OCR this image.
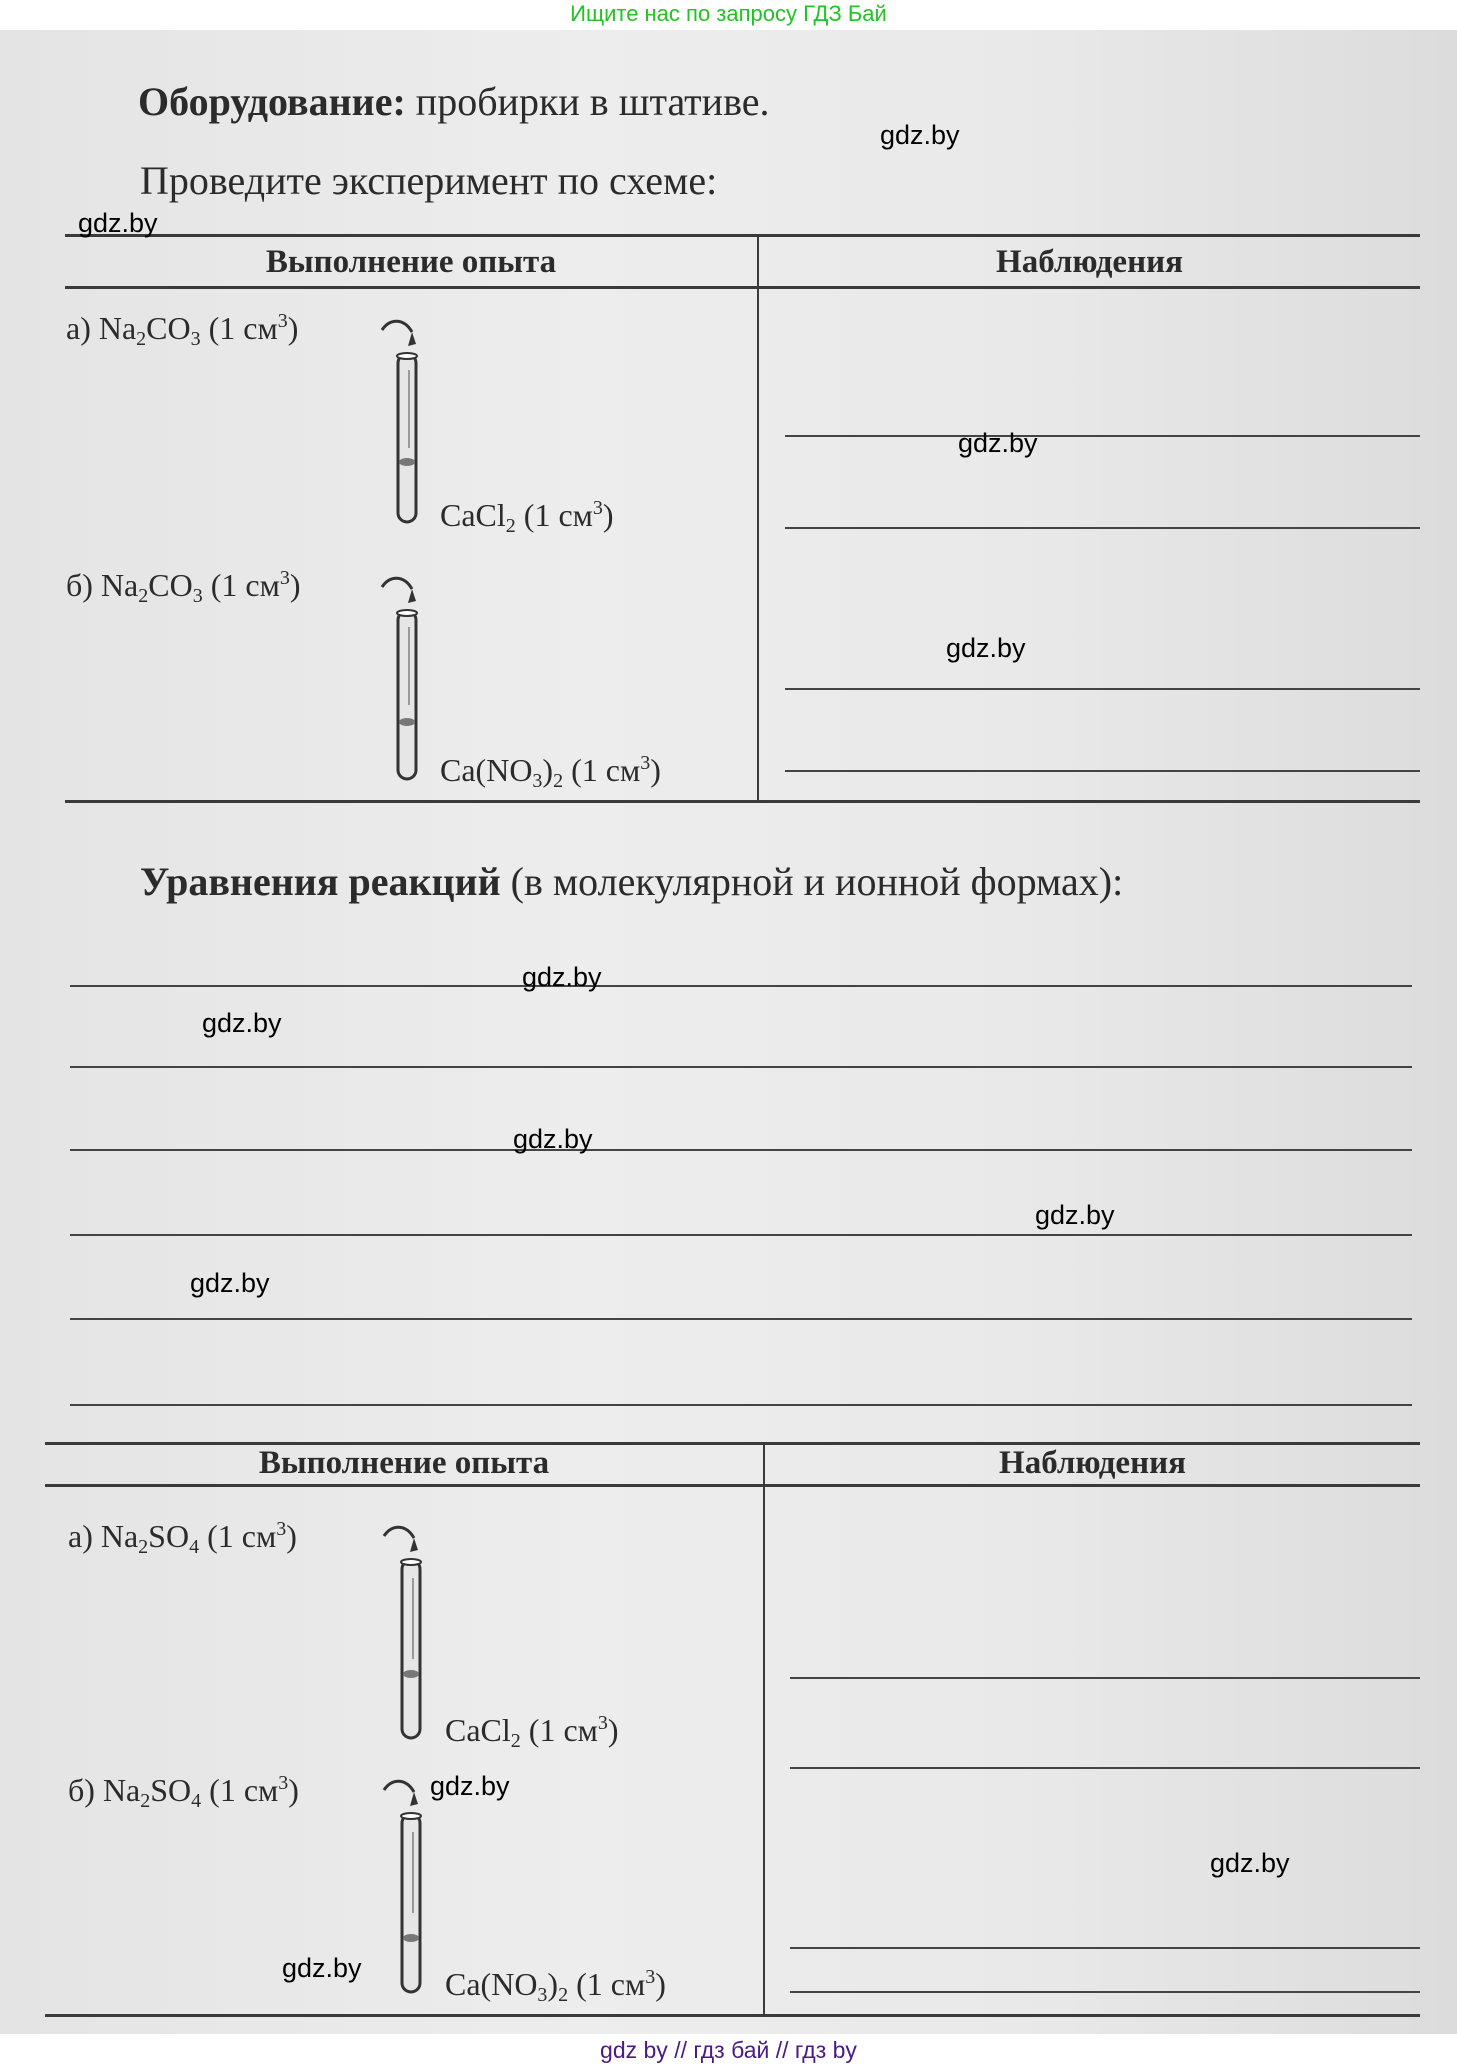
Ищите нас по запросу ГДЗ Бай
Оборудование: пробирки в штативе.
Проведите эксперимент по схеме:
Выполнение опыта	Наблюдения
а) $Na_2CO_3$ (1 $см^3$)
CaCl$_2$ (1 $см^3$)
б) $Na_2CO_3$ (1 $см^3$)
$Ca(NO_3)_2$ (1 $см^3$)
Уравнения реакций (в молекулярной и ионной формах):
Выполнение опыта	Наблюдения
а) $Na_2SO_4$ (1 $см^3$)
CaCl$_2$ (1 $см^3$)
б) $Na_2SO_4$ (1 $см^3$)
$Ca(NO_3)_2$ (1 $см^3$)
gdz.by
gdz.by
gdz.by
gdz.by
gdz.by
gdz.by
gdz.by
gdz.by
gdz.by
gdz.by
gdz.by
gdz.by
gdz by // гдз бай // гдз by
